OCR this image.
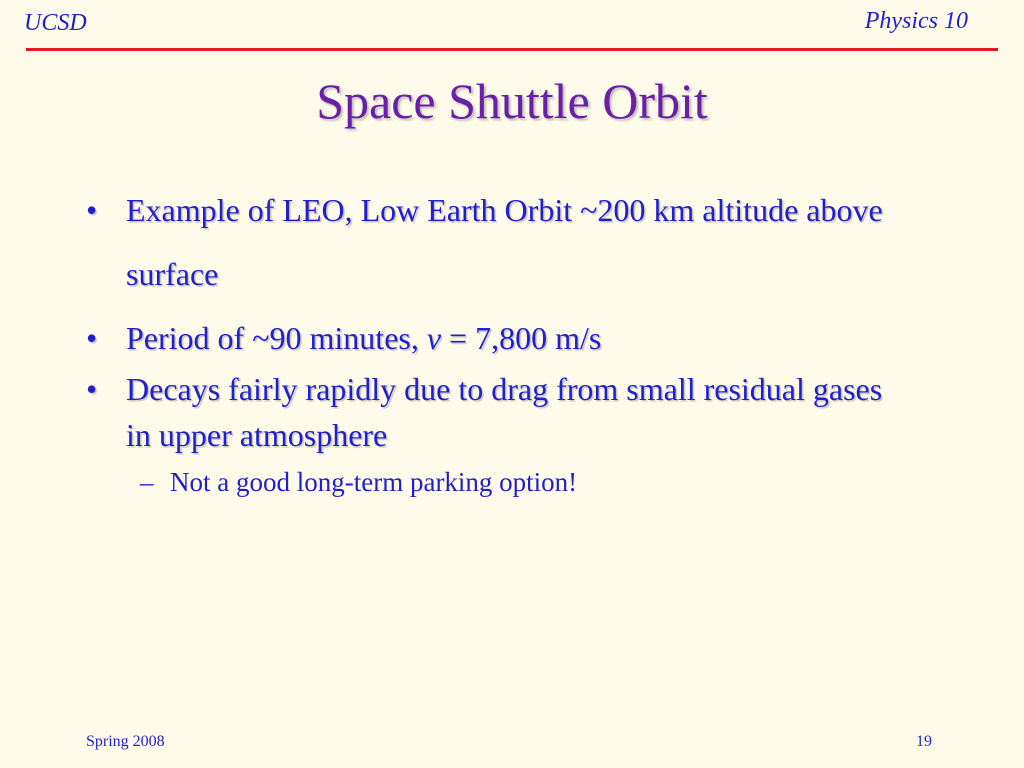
UCSD	Physics 10
Space Shuttle Orbit
• Example of LEO, Low Earth Orbit ~200 km altitude above surface
• Period of ~90 minutes, v = 7,800 m/s
• Decays fairly rapidly due to drag from small residual gases in upper atmosphere
– Not a good long-term parking option!
Spring 2008	19
